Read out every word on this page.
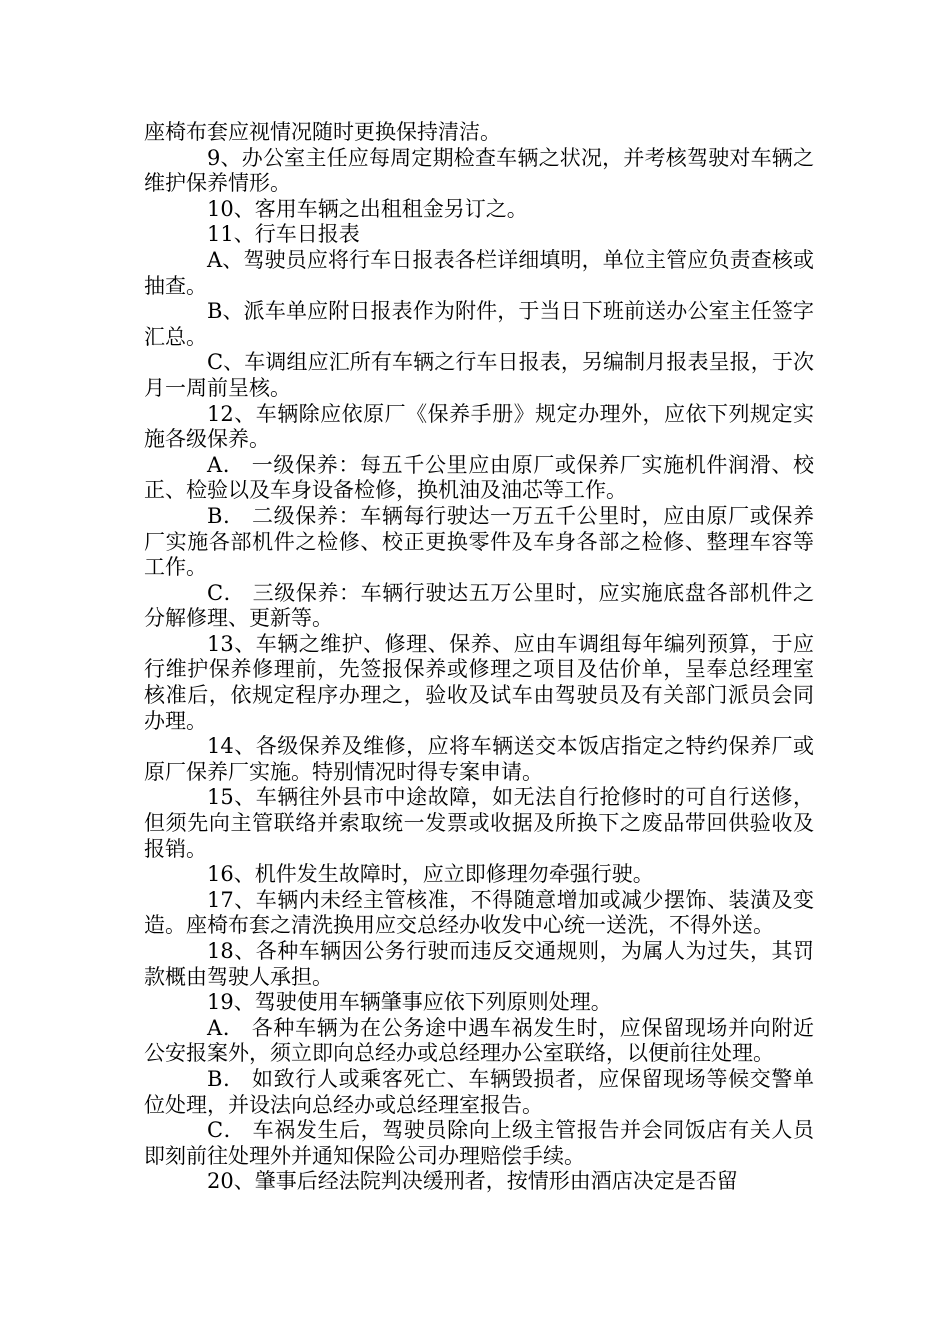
座椅布套应视情况随时更换保持清洁。

9、办公室主任应每周定期检查车辆之状况，并考核驾驶对车辆之维护保养情形。

10、客用车辆之出租租金另订之。

11、行车日报表

A、驾驶员应将行车日报表各栏详细填明，单位主管应负责查核或抽查。

B、派车单应附日报表作为附件，于当日下班前送办公室主任签字汇总。

C、车调组应汇所有车辆之行车日报表，另编制月报表呈报，于次月一周前呈核。

12、车辆除应依原厂《保养手册》规定办理外，应依下列规定实施各级保养。

A． 一级保养：每五千公里应由原厂或保养厂实施机件润滑、校正、检验以及车身设备检修，换机油及油芯等工作。

B． 二级保养：车辆每行驶达一万五千公里时，应由原厂或保养厂实施各部机件之检修、校正更换零件及车身各部之检修、整理车容等工作。

C． 三级保养：车辆行驶达五万公里时，应实施底盘各部机件之分解修理、更新等。

13、车辆之维护、修理、保养、应由车调组每年编列预算，于应行维护保养修理前，先签报保养或修理之项目及估价单，呈奉总经理室核准后，依规定程序办理之，验收及试车由驾驶员及有关部门派员会同办理。

14、各级保养及维修，应将车辆送交本饭店指定之特约保养厂或原厂保养厂实施。特别情况时得专案申请。

15、车辆往外县市中途故障，如无法自行抢修时的可自行送修，但须先向主管联络并索取统一发票或收据及所换下之废品带回供验收及报销。

16、机件发生故障时，应立即修理勿牵强行驶。

17、车辆内未经主管核准，不得随意增加或减少摆饰、装潢及变造。座椅布套之清洗换用应交总经办收发中心统一送洗，不得外送。

18、各种车辆因公务行驶而违反交通规则，为属人为过失，其罚款概由驾驶人承担。

19、驾驶使用车辆肇事应依下列原则处理。

A． 各种车辆为在公务途中遇车祸发生时，应保留现场并向附近公安报案外，须立即向总经办或总经理办公室联络，以便前往处理。

B． 如致行人或乘客死亡、车辆毁损者，应保留现场等候交警单位处理，并设法向总经办或总经理室报告。

C． 车祸发生后，驾驶员除向上级主管报告并会同饭店有关人员即刻前往处理外并通知保险公司办理赔偿手续。

20、肇事后经法院判决缓刑者，按情形由酒店决定是否留
